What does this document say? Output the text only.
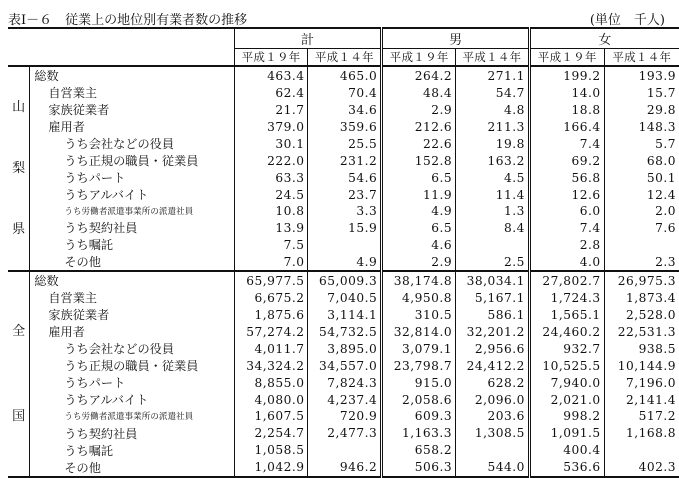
表Ⅰ－６　従業上の地位別有業者数の推移	(単位　千人)
		計		男		女	
		平成１９年	平成１４年	平成１９年	平成１４年	平成１９年	平成１４年

山
梨
県	総数	463.4	465.0	264.2	271.1	199.2	193.9
	自営業主	62.4	70.4	48.4	54.7	14.0	15.7
	家族従業者	21.7	34.6	2.9	4.8	18.8	29.8
	雇用者	379.0	359.6	212.6	211.3	166.4	148.3
	うち会社などの役員	30.1	25.5	22.6	19.8	7.4	5.7
	うち正規の職員・従業員	222.0	231.2	152.8	163.2	69.2	68.0
	うちパート	63.3	54.6	6.5	4.5	56.8	50.1
	うちアルバイト	24.5	23.7	11.9	11.4	12.6	12.4
	うち労働者派遣事業所の派遣社員	10.8	3.3	4.9	1.3	6.0	2.0
	うち契約社員	13.9	15.9	6.5	8.4	7.4	7.6
	うち嘱託	7.5		4.6		2.8	
	その他	7.0	4.9	2.9	2.5	4.0	2.3

全
国	総数	65,977.5	65,009.3	38,174.8	38,034.1	27,802.7	26,975.3
	自営業主	6,675.2	7,040.5	4,950.8	5,167.1	1,724.3	1,873.4
	家族従業者	1,875.6	3,114.1	310.5	586.1	1,565.1	2,528.0
	雇用者	57,274.2	54,732.5	32,814.0	32,201.2	24,460.2	22,531.3
	うち会社などの役員	4,011.7	3,895.0	3,079.1	2,956.6	932.7	938.5
	うち正規の職員・従業員	34,324.2	34,557.0	23,798.7	24,412.2	10,525.5	10,144.9
	うちパート	8,855.0	7,824.3	915.0	628.2	7,940.0	7,196.0
	うちアルバイト	4,080.0	4,237.4	2,058.6	2,096.0	2,021.0	2,141.4
	うち労働者派遣事業所の派遣社員	1,607.5	720.9	609.3	203.6	998.2	517.2
	うち契約社員	2,254.7	2,477.3	1,163.3	1,308.5	1,091.5	1,168.8
	うち嘱託	1,058.5		658.2		400.4	
	その他	1,042.9	946.2	506.3	544.0	536.6	402.3
